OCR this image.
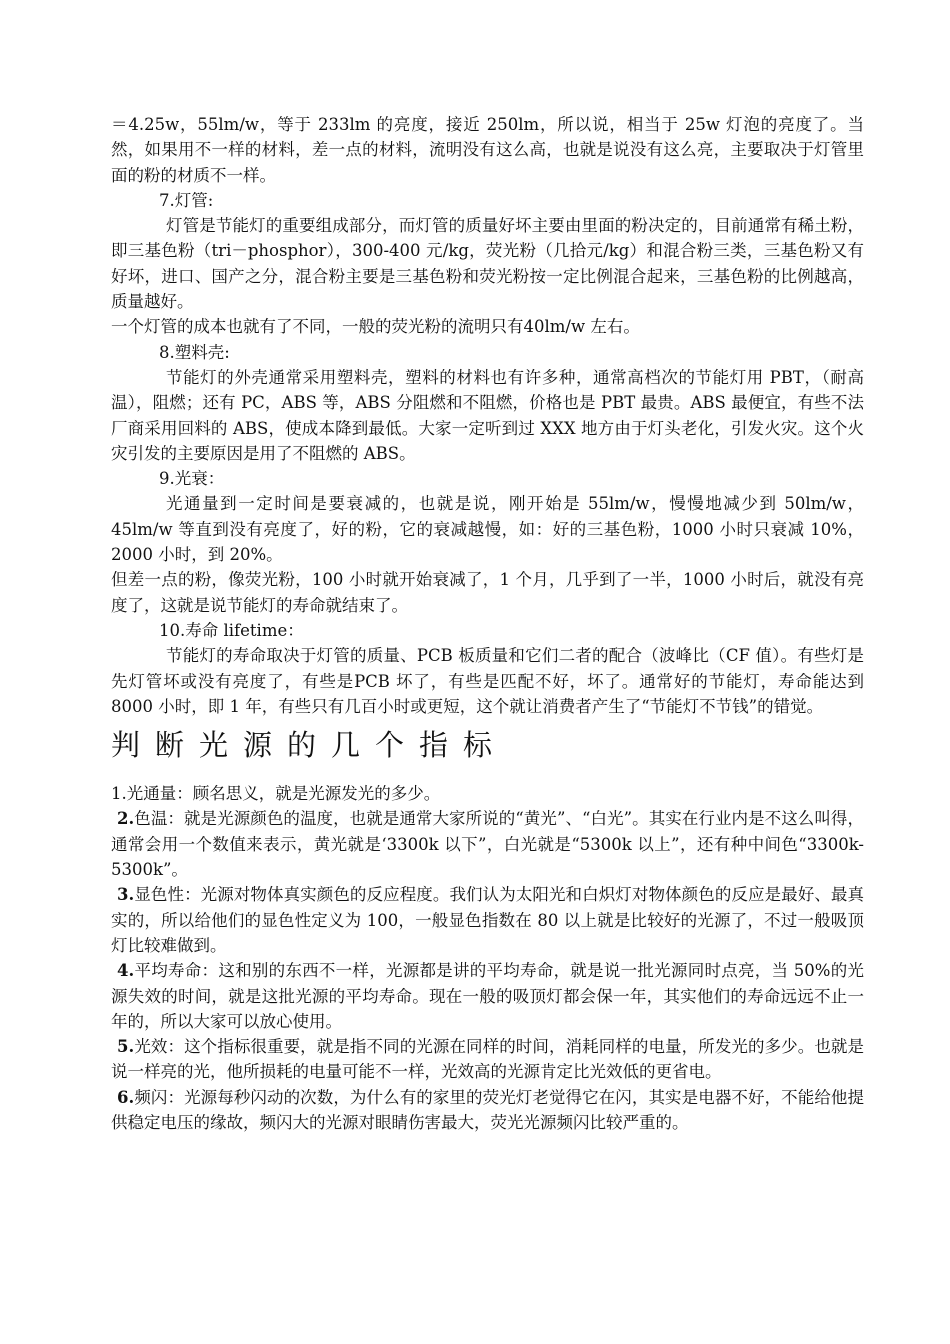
＝4.25w，55lm/w，等于 233lm 的亮度，接近 250lm，所以说，相当于 25w 灯泡的亮度了。当然，如果用不一样的材料，差一点的材料，流明没有这么高，也就是说没有这么亮，主要取决于灯管里面的粉的材质不一样。

7.灯管:

灯管是节能灯的重要组成部分，而灯管的质量好坏主要由里面的粉决定的，目前通常有稀土粉，即三基色粉（tri－phosphor），300-400 元/kg，荧光粉（几拾元/kg）和混合粉三类，三基色粉又有好坏，进口、国产之分，混合粉主要是三基色粉和荧光粉按一定比例混合起来，三基色粉的比例越高，质量越好。

一个灯管的成本也就有了不同，一般的荧光粉的流明只有40lm/w 左右。

8.塑料壳:

节能灯的外壳通常采用塑料壳，塑料的材料也有许多种，通常高档次的节能灯用 PBT，（耐高温），阻燃；还有 PC，ABS 等，ABS 分阻燃和不阻燃，价格也是 PBT 最贵。ABS 最便宜，有些不法厂商采用回料的 ABS，使成本降到最低。大家一定听到过 XXX 地方由于灯头老化，引发火灾。这个火灾引发的主要原因是用了不阻燃的 ABS。

9.光衰：

光通量到一定时间是要衰减的，也就是说，刚开始是 55lm/w，慢慢地减少到 50lm/w，45lm/w 等直到没有亮度了，好的粉，它的衰减越慢，如：好的三基色粉，1000 小时只衰减 10%，2000 小时，到 20%。

但差一点的粉，像荧光粉，100 小时就开始衰减了，1 个月，几乎到了一半，1000 小时后，就没有亮度了，这就是说节能灯的寿命就结束了。

10.寿命 lifetime：

节能灯的寿命取决于灯管的质量、PCB 板质量和它们二者的配合（波峰比（CF 值）。有些灯是先灯管坏或没有亮度了，有些是PCB 坏了，有些是匹配不好，坏了。通常好的节能灯，寿命能达到 8000 小时，即 1 年，有些只有几百小时或更短，这个就让消费者产生了“节能灯不节钱”的错觉。

判断光源的几个指标

1.光通量：顾名思义，就是光源发光的多少。

2.色温：就是光源颜色的温度，也就是通常大家所说的“黄光”、“白光”。其实在行业内是不这么叫得，通常会用一个数值来表示，黄光就是‘3300k 以下”，白光就是“5300k 以上”，还有种中间色“3300k-5300k”。

3.显色性：光源对物体真实颜色的反应程度。我们认为太阳光和白炽灯对物体颜色的反应是最好、最真实的，所以给他们的显色性定义为 100，一般显色指数在 80 以上就是比较好的光源了，不过一般吸顶灯比较难做到。

4.平均寿命：这和别的东西不一样，光源都是讲的平均寿命，就是说一批光源同时点亮，当 50%的光源失效的时间，就是这批光源的平均寿命。现在一般的吸顶灯都会保一年，其实他们的寿命远远不止一年的，所以大家可以放心使用。

5.光效：这个指标很重要，就是指不同的光源在同样的时间，消耗同样的电量，所发光的多少。也就是说一样亮的光，他所损耗的电量可能不一样，光效高的光源肯定比光效低的更省电。

6.频闪：光源每秒闪动的次数，为什么有的家里的荧光灯老觉得它在闪，其实是电器不好，不能给他提供稳定电压的缘故，频闪大的光源对眼睛伤害最大，荧光光源频闪比较严重的。
